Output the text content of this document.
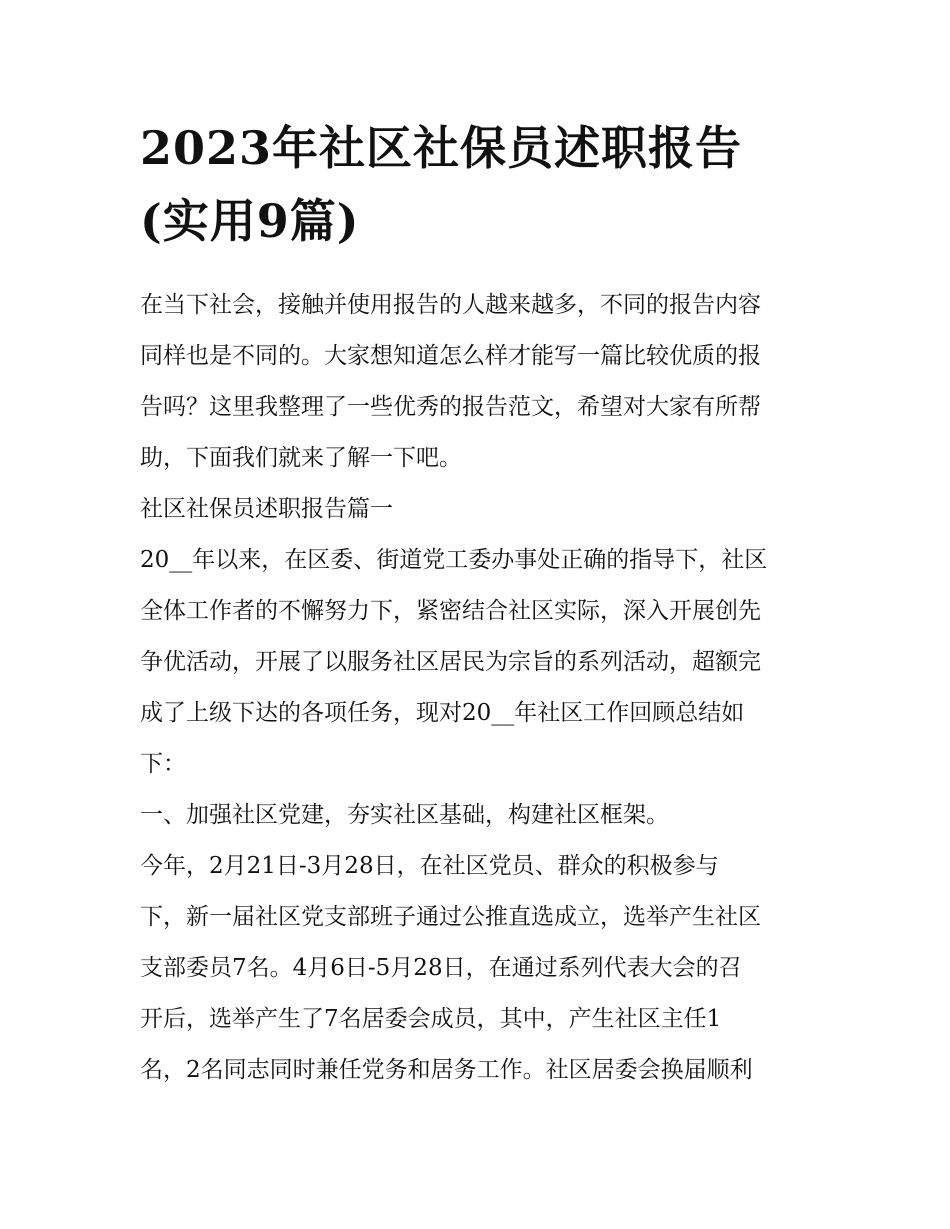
2023年社区社保员述职报告
(实用9篇)
在当下社会，接触并使用报告的人越来越多，不同的报告内容
同样也是不同的。大家想知道怎么样才能写一篇比较优质的报
告吗？这里我整理了一些优秀的报告范文，希望对大家有所帮
助，下面我们就来了解一下吧。
社区社保员述职报告篇一
20__年以来，在区委、街道党工委办事处正确的指导下，社区
全体工作者的不懈努力下，紧密结合社区实际，深入开展创先
争优活动，开展了以服务社区居民为宗旨的系列活动，超额完
成了上级下达的各项任务，现对20__年社区工作回顾总结如
下：
一、加强社区党建，夯实社区基础，构建社区框架。
今年，2月21日-3月28日，在社区党员、群众的积极参与
下，新一届社区党支部班子通过公推直选成立，选举产生社区
支部委员7名。4月6日-5月28日，在通过系列代表大会的召
开后，选举产生了7名居委会成员，其中，产生社区主任1
名，2名同志同时兼任党务和居务工作。社区居委会换届顺利
